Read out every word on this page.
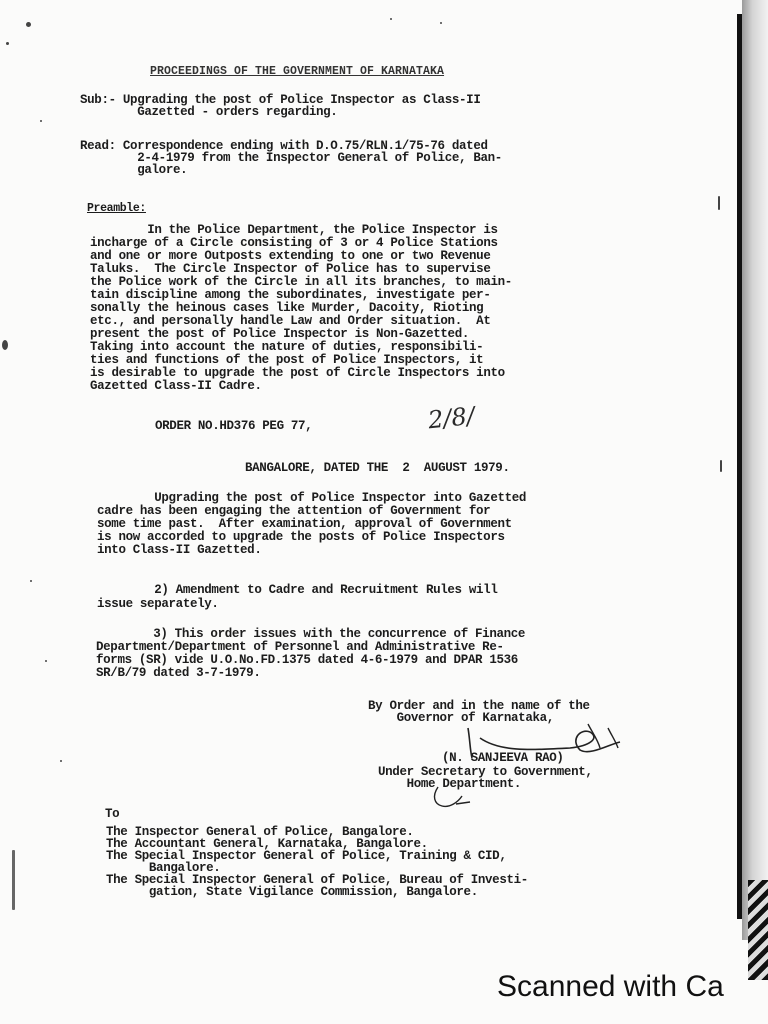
PROCEEDINGS OF THE GOVERNMENT OF KARNATAKA
Sub:- Upgrading the post of Police Inspector as Class-II
Gazetted - orders regarding.
Read: Correspondence ending with D.O.75/RLN.1/75-76 dated
2-4-1979 from the Inspector General of Police, Ban-
galore.
Preamble:
In the Police Department, the Police Inspector is
incharge of a Circle consisting of 3 or 4 Police Stations
and one or more Outposts extending to one or two Revenue
Taluks.  The Circle Inspector of Police has to supervise
the Police work of the Circle in all its branches, to main-
tain discipline among the subordinates, investigate per-
sonally the heinous cases like Murder, Dacoity, Rioting
etc., and personally handle Law and Order situation.  At
present the post of Police Inspector is Non-Gazetted.
Taking into account the nature of duties, responsibili-
ties and functions of the post of Police Inspectors, it
is desirable to upgrade the post of Circle Inspectors into
Gazetted Class-II Cadre.
ORDER NO.HD376 PEG 77,	2/8/
BANGALORE, DATED THE  2  AUGUST 1979.
Upgrading the post of Police Inspector into Gazetted
cadre has been engaging the attention of Government for
some time past.  After examination, approval of Government
is now accorded to upgrade the posts of Police Inspectors
into Class-II Gazetted.
2) Amendment to Cadre and Recruitment Rules will
issue separately.
3) This order issues with the concurrence of Finance
Department/Department of Personnel and Administrative Re-
forms (SR) vide U.O.No.FD.1375 dated 4-6-1979 and DPAR 1536
SR/B/79 dated 3-7-1979.
By Order and in the name of the
Governor of Karnataka,
(N. SANJEEVA RAO)
Under Secretary to Government,
Home Department.
To
The Inspector General of Police, Bangalore.
The Accountant General, Karnataka, Bangalore.
The Special Inspector General of Police, Training & CID,
Bangalore.
The Special Inspector General of Police, Bureau of Investi-
gation, State Vigilance Commission, Bangalore.
Scanned with Ca
